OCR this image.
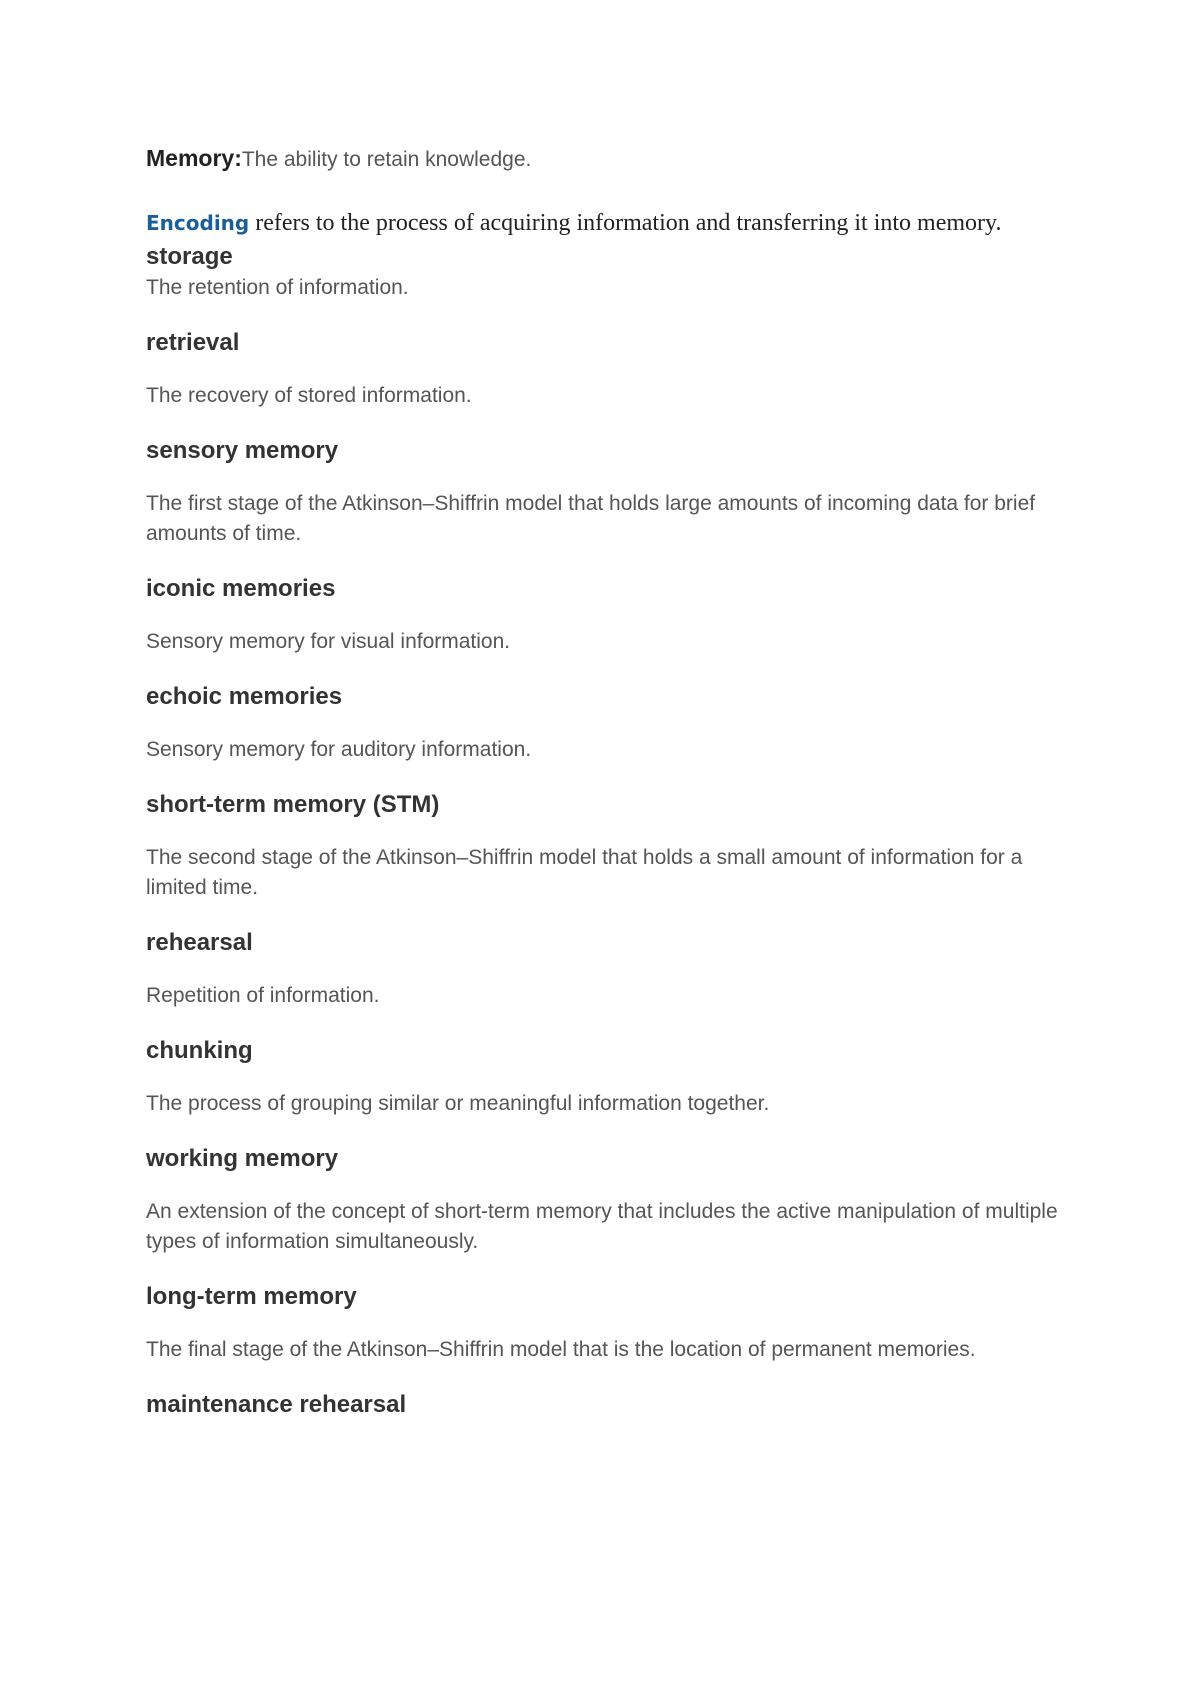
Memory:The ability to retain knowledge.

Encoding refers to the process of acquiring information and transferring it into memory.

storage

The retention of information.

retrieval

The recovery of stored information.

sensory memory

The first stage of the Atkinson–Shiffrin model that holds large amounts of incoming data for brief amounts of time.

iconic memories

Sensory memory for visual information.

echoic memories

Sensory memory for auditory information.

short-term memory (STM)

The second stage of the Atkinson–Shiffrin model that holds a small amount of information for a limited time.

rehearsal

Repetition of information.

chunking

The process of grouping similar or meaningful information together.

working memory

An extension of the concept of short-term memory that includes the active manipulation of multiple types of information simultaneously.

long-term memory

The final stage of the Atkinson–Shiffrin model that is the location of permanent memories.

maintenance rehearsal
